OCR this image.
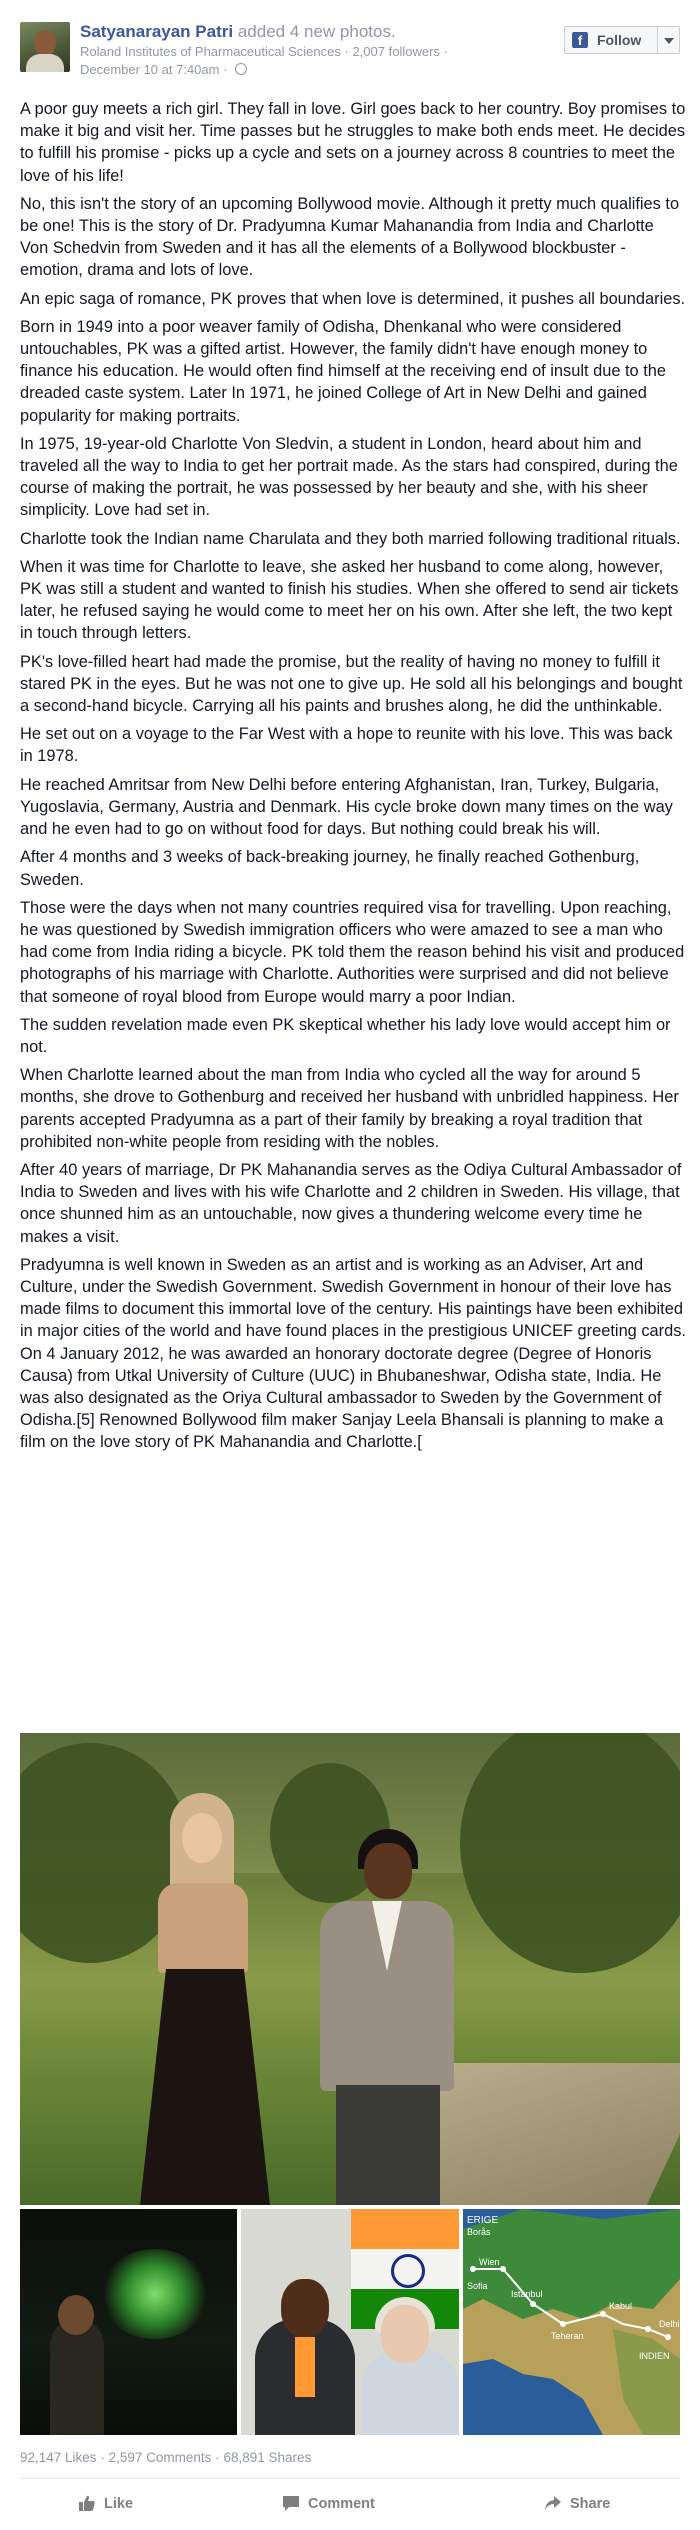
Satyanarayan Patri added 4 new photos.
Roland Institutes of Pharmaceutical Sciences · 2,007 followers ·
December 10 at 7:40am ·
f	Follow

A poor guy meets a rich girl. They fall in love. Girl goes back to her country. Boy promises to make it big and visit her. Time passes but he struggles to make both ends meet. He decides to fulfill his promise - picks up a cycle and sets on a journey across 8 countries to meet the love of his life!

No, this isn't the story of an upcoming Bollywood movie. Although it pretty much qualifies to be one! This is the story of Dr. Pradyumna Kumar Mahanandia from India and Charlotte Von Schedvin from Sweden and it has all the elements of a Bollywood blockbuster - emotion, drama and lots of love.

An epic saga of romance, PK proves that when love is determined, it pushes all boundaries.

Born in 1949 into a poor weaver family of Odisha, Dhenkanal who were considered untouchables, PK was a gifted artist. However, the family didn't have enough money to finance his education. He would often find himself at the receiving end of insult due to the dreaded caste system. Later In 1971, he joined College of Art in New Delhi and gained popularity for making portraits.

In 1975, 19-year-old Charlotte Von Sledvin, a student in London, heard about him and traveled all the way to India to get her portrait made. As the stars had conspired, during the course of making the portrait, he was possessed by her beauty and she, with his sheer simplicity. Love had set in.

Charlotte took the Indian name Charulata and they both married following traditional rituals.

When it was time for Charlotte to leave, she asked her husband to come along, however, PK was still a student and wanted to finish his studies. When she offered to send air tickets later, he refused saying he would come to meet her on his own. After she left, the two kept in touch through letters.

PK's love-filled heart had made the promise, but the reality of having no money to fulfill it stared PK in the eyes. But he was not one to give up. He sold all his belongings and bought a second-hand bicycle. Carrying all his paints and brushes along, he did the unthinkable.

He set out on a voyage to the Far West with a hope to reunite with his love. This was back in 1978.

He reached Amritsar from New Delhi before entering Afghanistan, Iran, Turkey, Bulgaria, Yugoslavia, Germany, Austria and Denmark. His cycle broke down many times on the way and he even had to go on without food for days. But nothing could break his will.

After 4 months and 3 weeks of back-breaking journey, he finally reached Gothenburg, Sweden.

Those were the days when not many countries required visa for travelling. Upon reaching, he was questioned by Swedish immigration officers who were amazed to see a man who had come from India riding a bicycle. PK told them the reason behind his visit and produced photographs of his marriage with Charlotte. Authorities were surprised and did not believe that someone of royal blood from Europe would marry a poor Indian.

The sudden revelation made even PK skeptical whether his lady love would accept him or not.

When Charlotte learned about the man from India who cycled all the way for around 5 months, she drove to Gothenburg and received her husband with unbridled happiness. Her parents accepted Pradyumna as a part of their family by breaking a royal tradition that prohibited non-white people from residing with the nobles.

After 40 years of marriage, Dr PK Mahanandia serves as the Odiya Cultural Ambassador of India to Sweden and lives with his wife Charlotte and 2 children in Sweden. His village, that once shunned him as an untouchable, now gives a thundering welcome every time he makes a visit.

Pradyumna is well known in Sweden as an artist and is working as an Adviser, Art and Culture, under the Swedish Government. Swedish Government in honour of their love has made films to document this immortal love of the century. His paintings have been exhibited in major cities of the world and have found places in the prestigious UNICEF greeting cards. On 4 January 2012, he was awarded an honorary doctorate degree (Degree of Honoris Causa) from Utkal University of Culture (UUC) in Bhubaneshwar, Odisha state, India. He was also designated as the Oriya Cultural ambassador to Sweden by the Government of Odisha.[5] Renowned Bollywood film maker Sanjay Leela Bhansali is planning to make a film on the love story of PK Mahanandia and Charlotte.[

ERIGE
Borås
Wien
Sofia
Istanbul
Teheran
Kabul
Delhi
INDIEN
92,147 Likes · 2,597 Comments · 68,891 Shares
Like	Comment	Share
